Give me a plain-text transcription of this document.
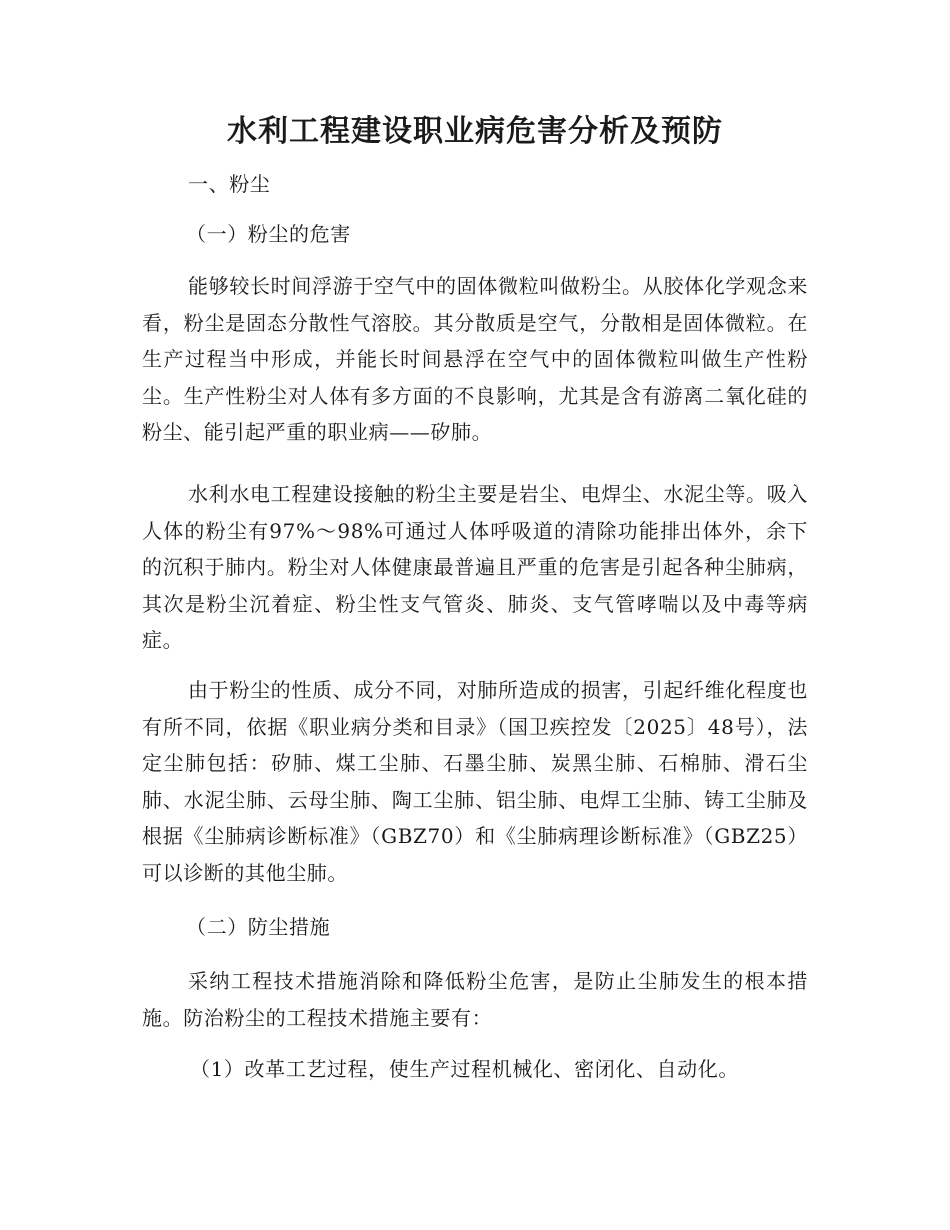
水利工程建设职业病危害分析及预防
一、粉尘
（一）粉尘的危害
能够较长时间浮游于空气中的固体微粒叫做粉尘。从胶体化学观念来看，粉尘是固态分散性气溶胶。其分散质是空气，分散相是固体微粒。在生产过程当中形成，并能长时间悬浮在空气中的固体微粒叫做生产性粉尘。生产性粉尘对人体有多方面的不良影响，尤其是含有游离二氧化硅的粉尘、能引起严重的职业病——矽肺。
水利水电工程建设接触的粉尘主要是岩尘、电焊尘、水泥尘等。吸入人体的粉尘有97%～98%可通过人体呼吸道的清除功能排出体外，余下的沉积于肺内。粉尘对人体健康最普遍且严重的危害是引起各种尘肺病，其次是粉尘沉着症、粉尘性支气管炎、肺炎、支气管哮喘以及中毒等病症。
由于粉尘的性质、成分不同，对肺所造成的损害，引起纤维化程度也有所不同，依据《职业病分类和目录》（国卫疾控发〔2025〕48号），法定尘肺包括：矽肺、煤工尘肺、石墨尘肺、炭黑尘肺、石棉肺、滑石尘肺、水泥尘肺、云母尘肺、陶工尘肺、铝尘肺、电焊工尘肺、铸工尘肺及根据《尘肺病诊断标准》（GBZ70）和《尘肺病理诊断标准》（GBZ25）可以诊断的其他尘肺。
（二）防尘措施
采纳工程技术措施消除和降低粉尘危害，是防止尘肺发生的根本措施。防治粉尘的工程技术措施主要有：
（1）改革工艺过程，使生产过程机械化、密闭化、自动化。
